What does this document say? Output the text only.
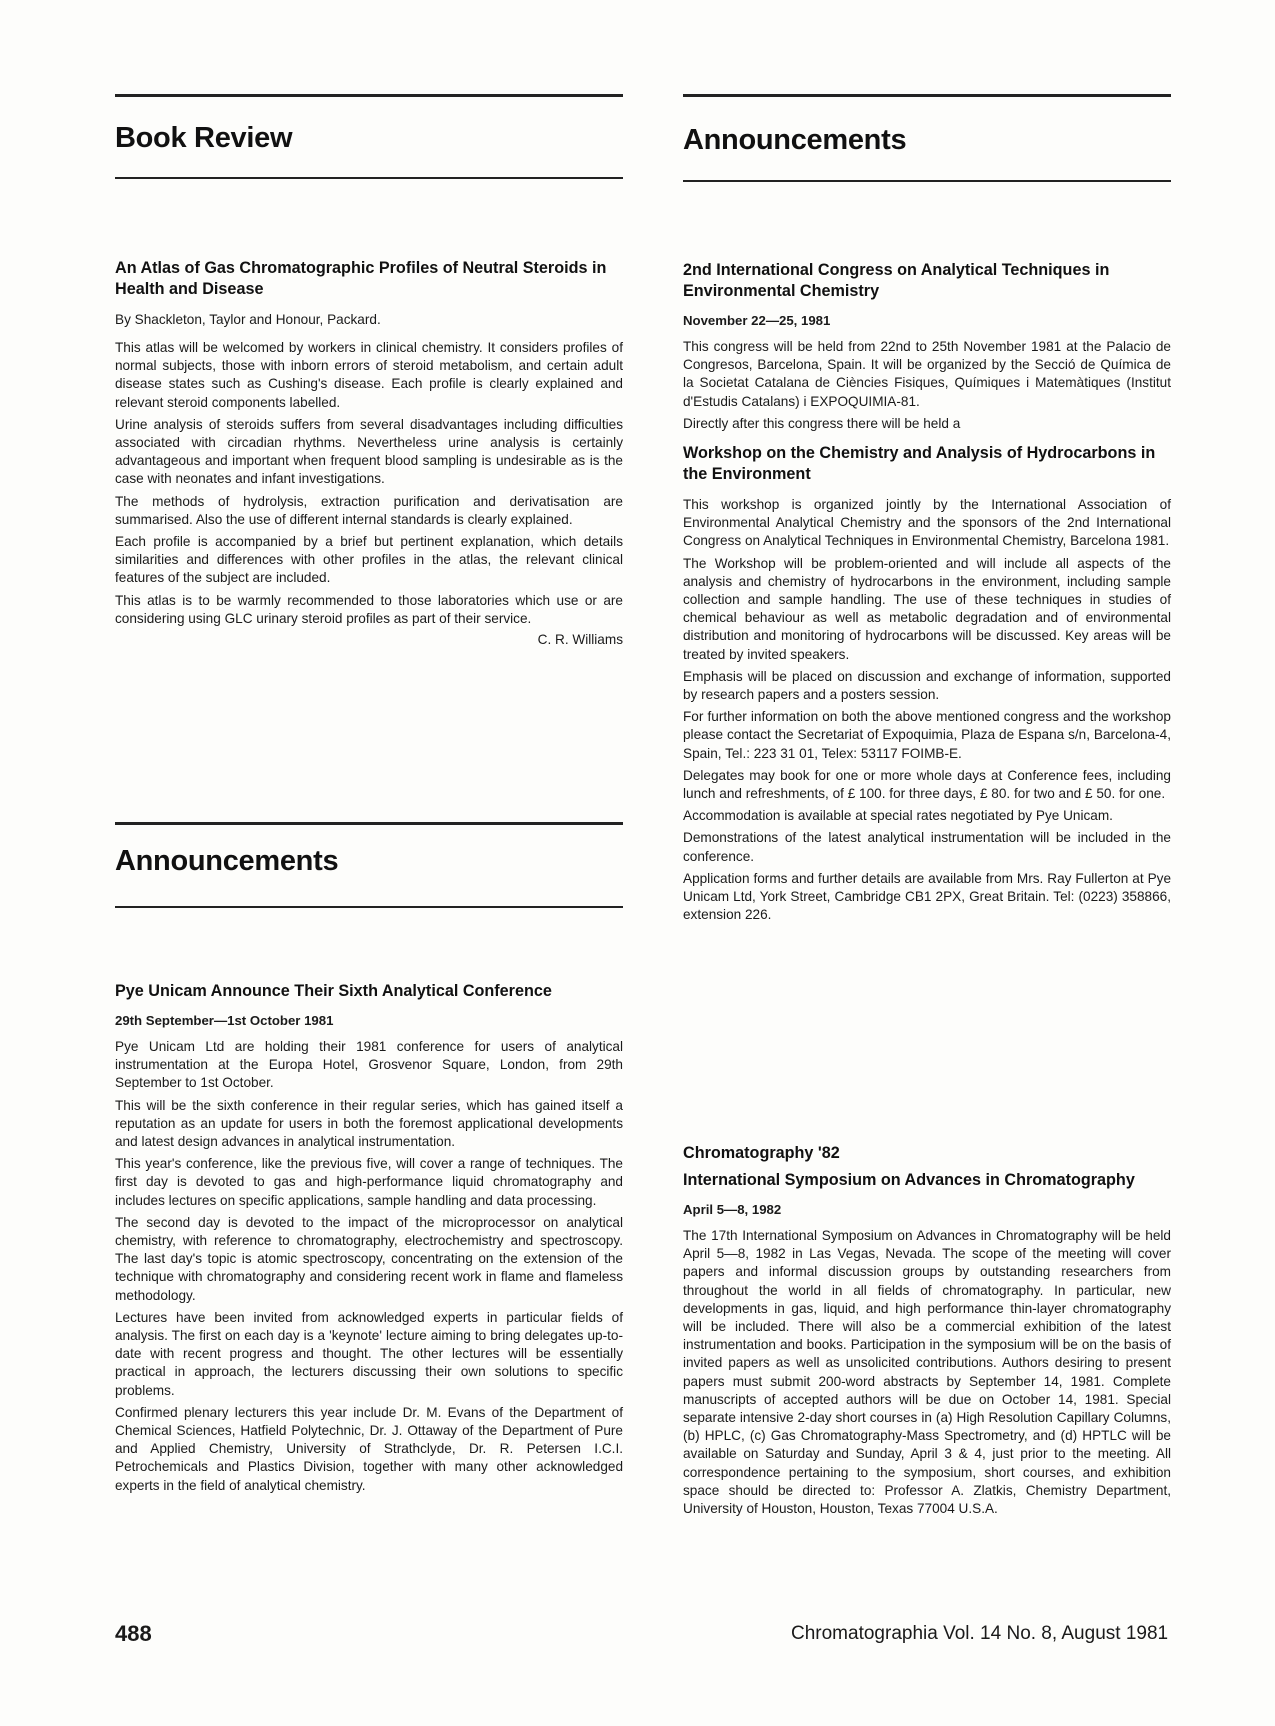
Book Review
An Atlas of Gas Chromatographic Profiles of Neutral Steroids in Health and Disease
By Shackleton, Taylor and Honour, Packard.

This atlas will be welcomed by workers in clinical chemistry. It considers profiles of normal subjects, those with inborn errors of steroid metabolism, and certain adult disease states such as Cushing's disease. Each profile is clearly explained and relevant steroid components labelled.

Urine analysis of steroids suffers from several disadvantages including difficulties associated with circadian rhythms. Nevertheless urine analysis is certainly advantageous and important when frequent blood sampling is undesirable as is the case with neonates and infant investigations.

The methods of hydrolysis, extraction purification and derivatisation are summarised. Also the use of different internal standards is clearly explained.

Each profile is accompanied by a brief but pertinent explanation, which details similarities and differences with other profiles in the atlas, the relevant clinical features of the subject are included.

This atlas is to be warmly recommended to those laboratories which use or are considering using GLC urinary steroid profiles as part of their service.

C. R. Williams
Announcements
Pye Unicam Announce Their Sixth Analytical Conference
29th September—1st October 1981

Pye Unicam Ltd are holding their 1981 conference for users of analytical instrumentation at the Europa Hotel, Grosvenor Square, London, from 29th September to 1st October.

This will be the sixth conference in their regular series, which has gained itself a reputation as an update for users in both the foremost applicational developments and latest design advances in analytical instrumentation.

This year's conference, like the previous five, will cover a range of techniques. The first day is devoted to gas and high-performance liquid chromatography and includes lectures on specific applications, sample handling and data processing.

The second day is devoted to the impact of the microprocessor on analytical chemistry, with reference to chromatography, electrochemistry and spectroscopy. The last day's topic is atomic spectroscopy, concentrating on the extension of the technique with chromatography and considering recent work in flame and flameless methodology.

Lectures have been invited from acknowledged experts in particular fields of analysis. The first on each day is a 'keynote' lecture aiming to bring delegates up-to-date with recent progress and thought. The other lectures will be essentially practical in approach, the lecturers discussing their own solutions to specific problems.

Confirmed plenary lecturers this year include Dr. M. Evans of the Department of Chemical Sciences, Hatfield Polytechnic, Dr. J. Ottaway of the Department of Pure and Applied Chemistry, University of Strathclyde, Dr. R. Petersen I.C.I. Petrochemicals and Plastics Division, together with many other acknowledged experts in the field of analytical chemistry.

Announcements
2nd International Congress on Analytical Techniques in Environmental Chemistry
November 22—25, 1981

This congress will be held from 22nd to 25th November 1981 at the Palacio de Congresos, Barcelona, Spain. It will be organized by the Secció de Química de la Societat Catalana de Ciències Fisiques, Químiques i Matemàtiques (Institut d'Estudis Catalans) i EXPOQUIMIA-81.

Directly after this congress there will be held a

Workshop on the Chemistry and Analysis of Hydrocarbons in the Environment

This workshop is organized jointly by the International Association of Environmental Analytical Chemistry and the sponsors of the 2nd International Congress on Analytical Techniques in Environmental Chemistry, Barcelona 1981.

The Workshop will be problem-oriented and will include all aspects of the analysis and chemistry of hydrocarbons in the environment, including sample collection and sample handling. The use of these techniques in studies of chemical behaviour as well as metabolic degradation and of environmental distribution and monitoring of hydrocarbons will be discussed. Key areas will be treated by invited speakers.

Emphasis will be placed on discussion and exchange of information, supported by research papers and a posters session.

For further information on both the above mentioned congress and the workshop please contact the Secretariat of Expoquimia, Plaza de Espana s/n, Barcelona-4, Spain, Tel.: 223 31 01, Telex: 53117 FOIMB-E.

Delegates may book for one or more whole days at Conference fees, including lunch and refreshments, of £ 100. for three days, £ 80. for two and £ 50. for one.

Accommodation is available at special rates negotiated by Pye Unicam.

Demonstrations of the latest analytical instrumentation will be included in the conference.

Application forms and further details are available from Mrs. Ray Fullerton at Pye Unicam Ltd, York Street, Cambridge CB1 2PX, Great Britain. Tel: (0223) 358866, extension 226.

Chromatography '82
International Symposium on Advances in Chromatography
April 5—8, 1982

The 17th International Symposium on Advances in Chromatography will be held April 5—8, 1982 in Las Vegas, Nevada. The scope of the meeting will cover papers and informal discussion groups by outstanding researchers from throughout the world in all fields of chromatography. In particular, new developments in gas, liquid, and high performance thin-layer chromatography will be included. There will also be a commercial exhibition of the latest instrumentation and books. Participation in the symposium will be on the basis of invited papers as well as unsolicited contributions. Authors desiring to present papers must submit 200-word abstracts by September 14, 1981. Complete manuscripts of accepted authors will be due on October 14, 1981. Special separate intensive 2-day short courses in (a) High Resolution Capillary Columns, (b) HPLC, (c) Gas Chromatography-Mass Spectrometry, and (d) HPTLC will be available on Saturday and Sunday, April 3 & 4, just prior to the meeting. All correspondence pertaining to the symposium, short courses, and exhibition space should be directed to: Professor A. Zlatkis, Chemistry Department, University of Houston, Houston, Texas 77004 U.S.A.

488	Chromatographia Vol. 14 No. 8, August 1981
